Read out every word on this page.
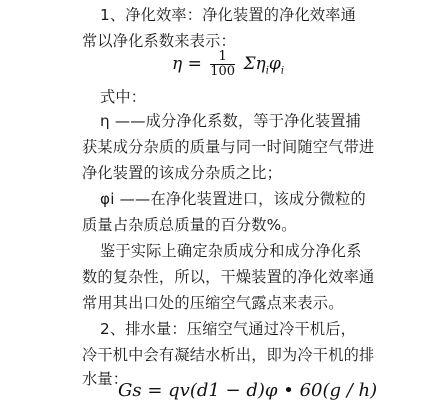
1、净化效率：净化装置的净化效率通
常以净化系数来表示：
$\eta = \frac{1}{100} \Sigma\eta_i\varphi_i$
式中：
η ——成分净化系数，等于净化装置捕
获某成分杂质的质量与同一时间随空气带进
净化装置的该成分杂质之比；
φi ——在净化装置进口，该成分微粒的
质量占杂质总质量的百分数%。
鉴于实际上确定杂质成分和成分净化系
数的复杂性，所以，干燥装置的净化效率通
常用其出口处的压缩空气露点来表示。
2、排水量：压缩空气通过冷干机后，
冷干机中会有凝结水析出，即为冷干机的排
水量：
Gs = qv(d1 − d)φ • 60(g / h)
